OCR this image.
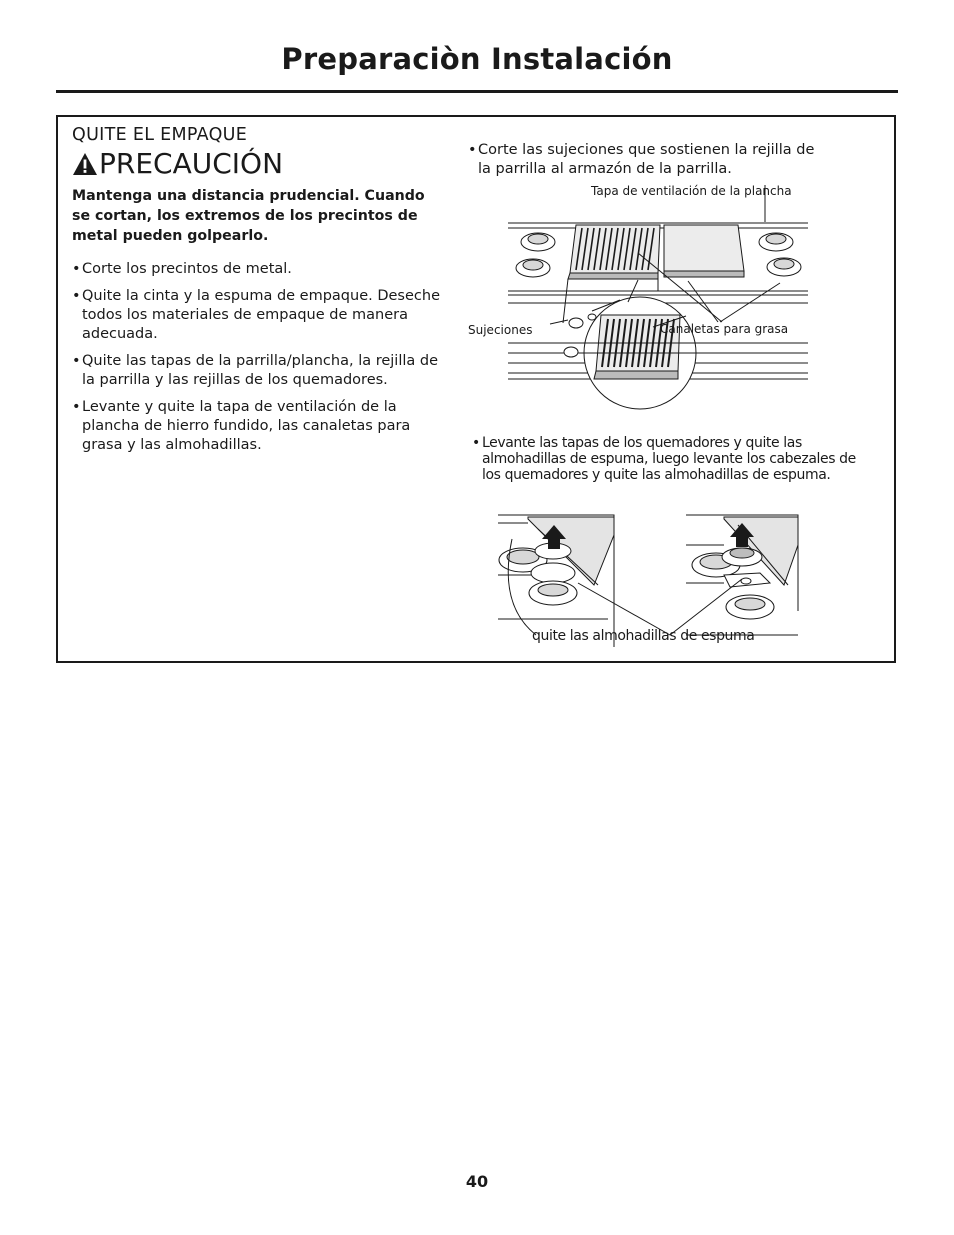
Preparaciòn Instalación
QUITE EL EMPAQUE
PRECAUCIÓN

Mantenga una distancia prudencial. Cuando se cortan, los extremos de los precintos de metal pueden golpearlo.

• Corte los precintos de metal.
• Quite la cinta y la espuma de empaque. Deseche todos los materiales de empaque de manera adecuada.
• Quite las tapas de la parrilla/plancha, la rejilla de la parrilla y las rejillas de los quemadores.
• Levante y quite la tapa de ventilación de la plancha de hierro fundido, las canaletas para grasa y las almohadillas.
• Corte las sujeciones que sostienen la rejilla de la parrilla al armazón de la parrilla.
Tapa de ventilación de la plancha
Sujeciones	Canaletas para grasa
• Levante las tapas de los quemadores y quite las almohadillas de espuma, luego levante los cabezales de los quemadores y quite las almohadillas de espuma.
quite las almohadillas de espuma
40
